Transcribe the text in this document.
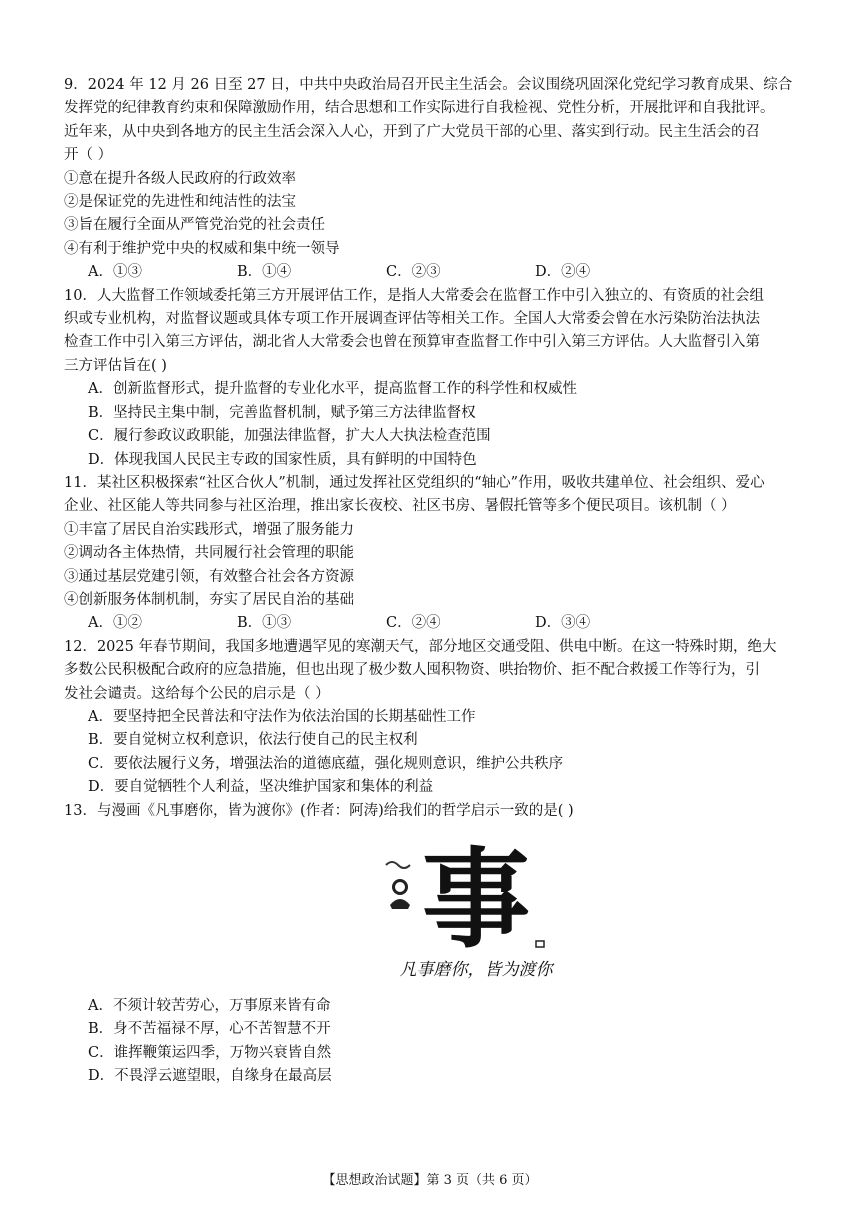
9．2024 年 12 月 26 日至 27 日，中共中央政治局召开民主生活会。会议围绕巩固深化党纪学习教育成果、综合
发挥党的纪律教育约束和保障激励作用，结合思想和工作实际进行自我检视、党性分析，开展批评和自我批评。
近年来，从中央到各地方的民主生活会深入人心，开到了广大党员干部的心里、落实到行动。民主生活会的召
开（ ）
①意在提升各级人民政府的行政效率
②是保证党的先进性和纯洁性的法宝
③旨在履行全面从严管党治党的社会责任
④有利于维护党中央的权威和集中统一领导
A．①③	B．①④	C．②③	D．②④
10．人大监督工作领域委托第三方开展评估工作，是指人大常委会在监督工作中引入独立的、有资质的社会组
织或专业机构，对监督议题或具体专项工作开展调查评估等相关工作。全国人大常委会曾在水污染防治法执法
检查工作中引入第三方评估，湖北省人大常委会也曾在预算审查监督工作中引入第三方评估。人大监督引入第
三方评估旨在( )
A．创新监督形式，提升监督的专业化水平，提高监督工作的科学性和权威性
B．坚持民主集中制，完善监督机制，赋予第三方法律监督权
C．履行参政议政职能，加强法律监督，扩大人大执法检查范围
D．体现我国人民民主专政的国家性质，具有鲜明的中国特色
11．某社区积极探索“社区合伙人”机制，通过发挥社区党组织的“轴心”作用，吸收共建单位、社会组织、爱心
企业、社区能人等共同参与社区治理，推出家长夜校、社区书房、暑假托管等多个便民项目。该机制（ ）
①丰富了居民自治实践形式，增强了服务能力
②调动各主体热情，共同履行社会管理的职能
③通过基层党建引领，有效整合社会各方资源
④创新服务体制机制，夯实了居民自治的基础
A．①②	B．①③	C．②④	D．③④
12．2025 年春节期间，我国多地遭遇罕见的寒潮天气，部分地区交通受阻、供电中断。在这一特殊时期，绝大
多数公民积极配合政府的应急措施，但也出现了极少数人囤积物资、哄抬物价、拒不配合救援工作等行为，引
发社会谴责。这给每个公民的启示是（ ）
A．要坚持把全民普法和守法作为依法治国的长期基础性工作
B．要自觉树立权利意识，依法行使自己的民主权利
C．要依法履行义务，增强法治的道德底蕴，强化规则意识，维护公共秩序
D．要自觉牺牲个人利益，坚决维护国家和集体的利益
13．与漫画《凡事磨你，皆为渡你》(作者：阿涛)给我们的哲学启示一致的是( )
事
凡事磨你，皆为渡你
A．不须计较苦劳心，万事原来皆有命
B．身不苦福禄不厚，心不苦智慧不开
C．谁挥鞭策运四季，万物兴衰皆自然
D．不畏浮云遮望眼，自缘身在最高层
【思想政治试题】第 3 页（共 6 页）
